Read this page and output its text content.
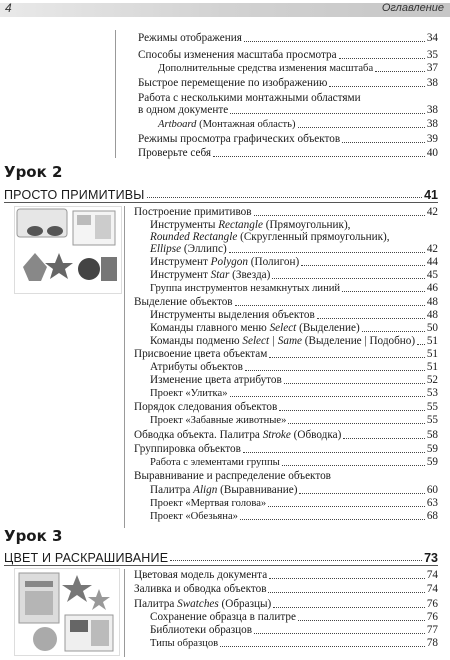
4	Оглавление
Режимы отображения	34
Способы изменения масштаба просмотра	35
Дополнительные средства изменения масштаба	37
Быстрое перемещение по изображению	38
Работа с несколькими монтажными областями
в одном документе	38
Artboard (Монтажная область)	38
Режимы просмотра графических объектов	39
Проверьте себя	40
Урок 2
ПРОСТО ПРИМИТИВЫ	41
Построение примитивов	42
Инструменты Rectangle (Прямоугольник),
Rounded Rectangle (Скругленный прямоугольник),
Ellipse (Эллипс)	42
Инструмент Polygon (Полигон)	44
Инструмент Star (Звезда)	45
Группа инструментов незамкнутых линий	46
Выделение объектов	48
Инструменты выделения объектов	48
Команды главного меню Select (Выделение)	50
Команды подменю Select | Same (Выделение | Подобно) 51
Присвоение цвета объектам	51
Атрибуты объектов	51
Изменение цвета атрибутов	52
Проект «Улитка»	53
Порядок следования объектов	55
Проект «Забавные животные»	55
Обводка объекта. Палитра Stroke (Обводка)	58
Группировка объектов	59
Работа с элементами группы	59
Выравнивание и распределение объектов
Палитра Align (Выравнивание)	60
Проект «Мертвая голова»	63
Проект «Обезьяна»	68
Урок 3
ЦВЕТ И РАСКРАШИВАНИЕ	73
Цветовая модель документа	74
Заливка и обводка объектов	74
Палитра Swatches (Образцы)	76
Сохранение образца в палитре	76
Библиотеки образцов	77
Типы образцов	78
